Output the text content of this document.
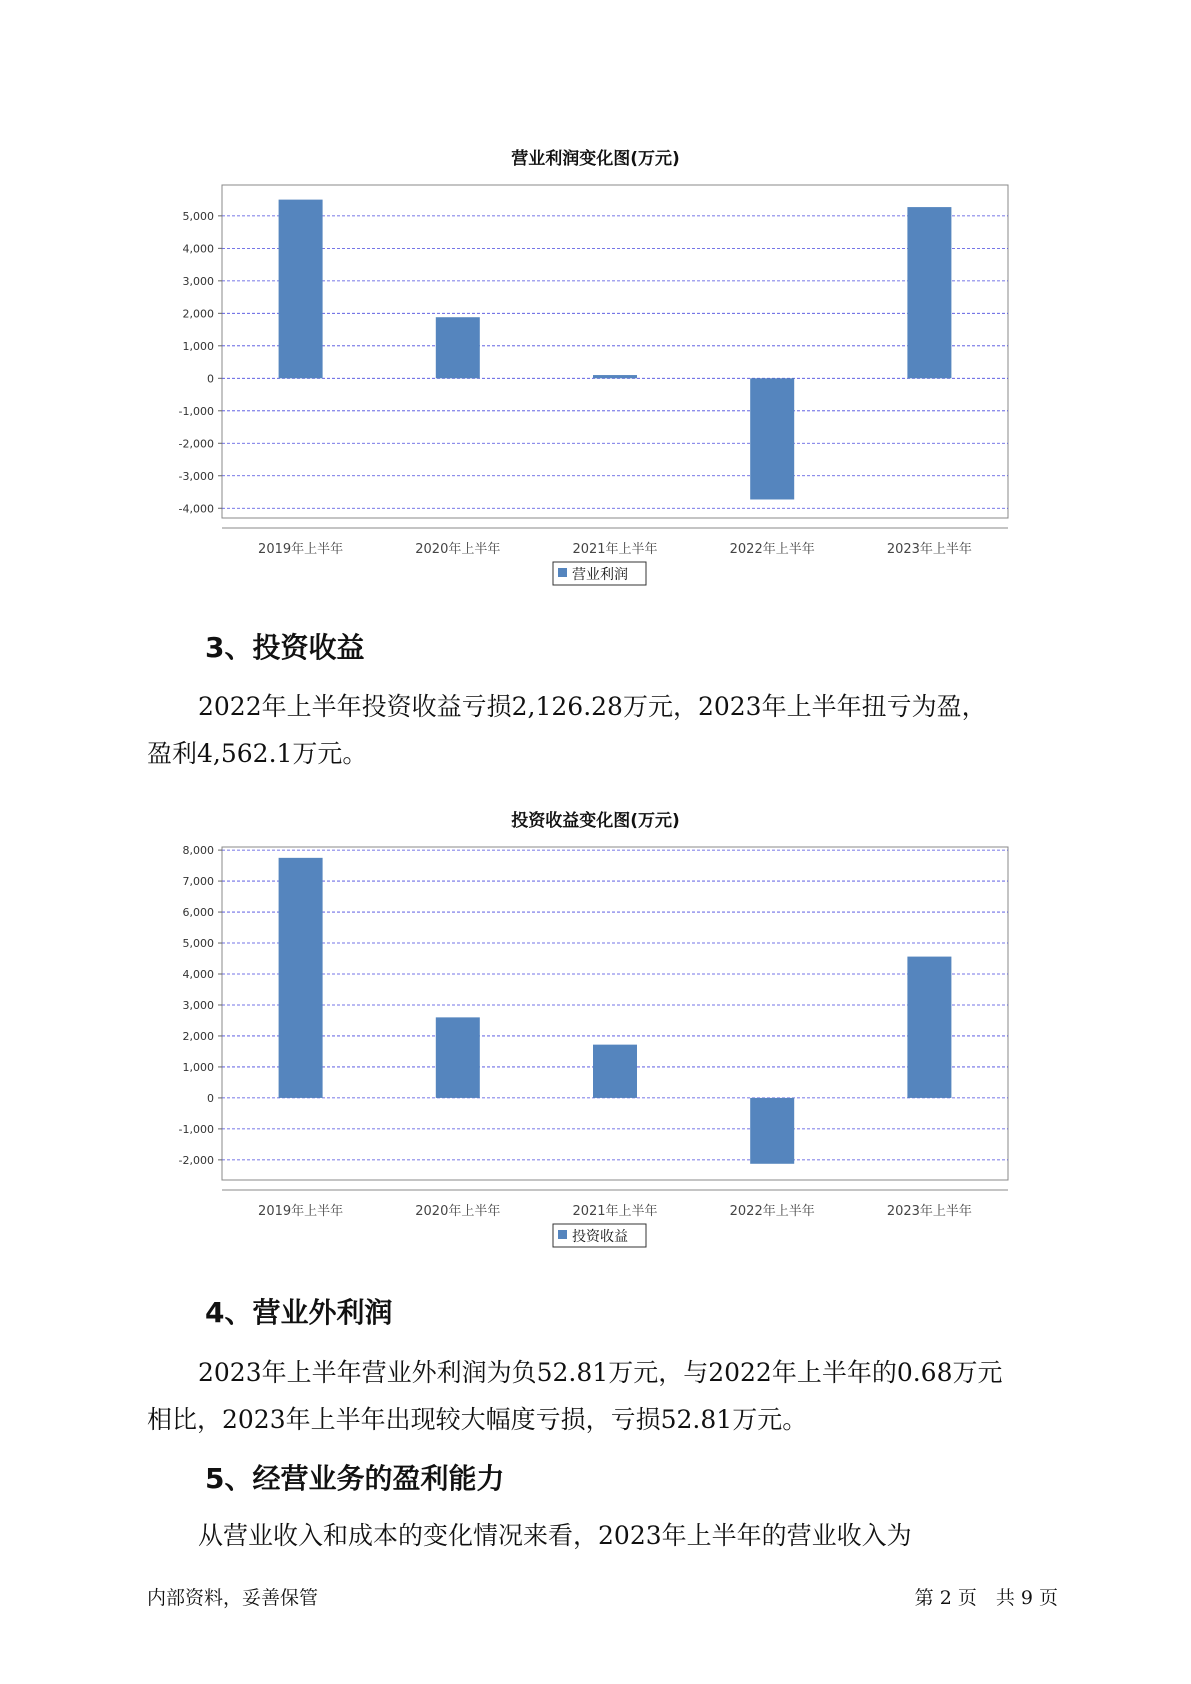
营业利润变化图(万元)
营业利润
5,000
4,000
3,000
2,000
1,000
0
-1,000
-2,000
-3,000
-4,000
2019年上半年	2020年上半年	2021年上半年	2022年上半年	2023年上半年
3、投资收益
2022年上半年投资收益亏损2,126.28万元，2023年上半年扭亏为盈，
盈利4,562.1万元。
投资收益变化图(万元)
投资收益
8,000
7,000
6,000
5,000
4,000
3,000
2,000
1,000
0
-1,000
-2,000
2019年上半年	2020年上半年	2021年上半年	2022年上半年	2023年上半年
4、营业外利润
2023年上半年营业外利润为负52.81万元，与2022年上半年的0.68万元
相比，2023年上半年出现较大幅度亏损，亏损52.81万元。
5、经营业务的盈利能力
从营业收入和成本的变化情况来看，2023年上半年的营业收入为
内部资料，妥善保管	第 2 页　共 9 页
